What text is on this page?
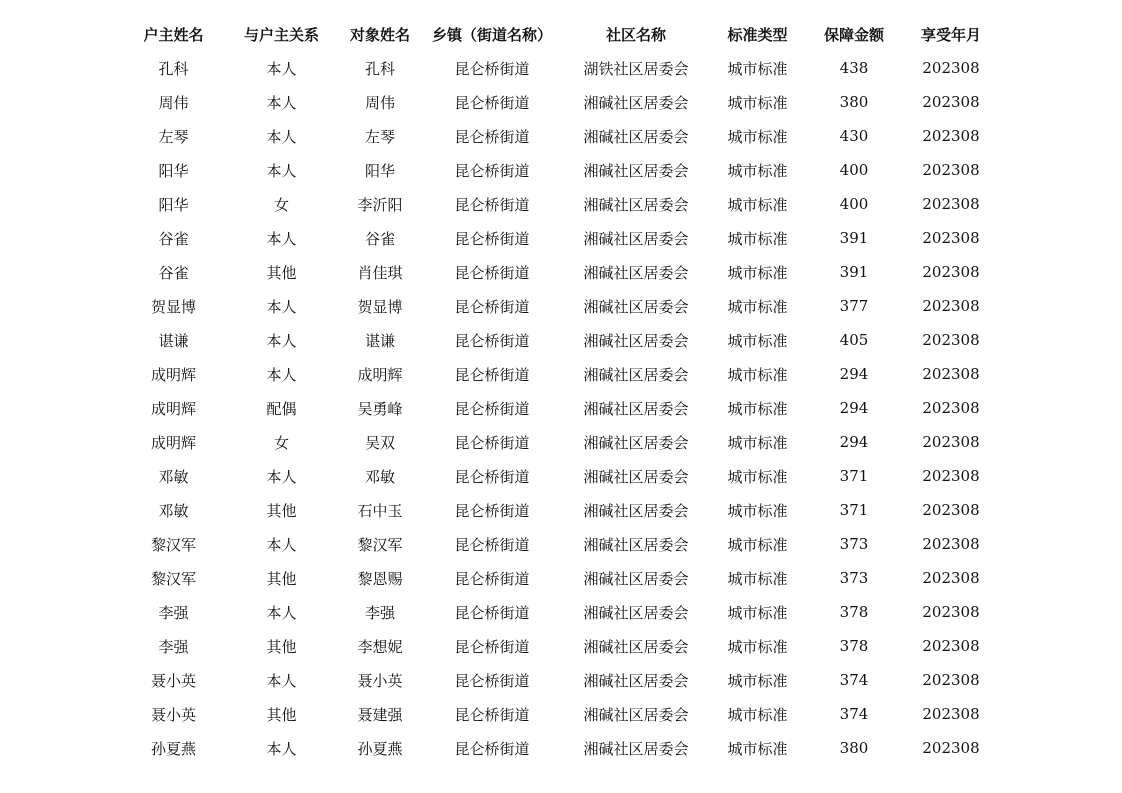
户主姓名	与户主关系	对象姓名	乡镇（街道名称）	社区名称	标准类型	保障金额	享受年月
孔科	本人	孔科	昆仑桥街道	湖铁社区居委会	城市标准	438	202308
周伟	本人	周伟	昆仑桥街道	湘碱社区居委会	城市标准	380	202308
左琴	本人	左琴	昆仑桥街道	湘碱社区居委会	城市标准	430	202308
阳华	本人	阳华	昆仑桥街道	湘碱社区居委会	城市标准	400	202308
阳华	女	李沂阳	昆仑桥街道	湘碱社区居委会	城市标准	400	202308
谷雀	本人	谷雀	昆仑桥街道	湘碱社区居委会	城市标准	391	202308
谷雀	其他	肖佳琪	昆仑桥街道	湘碱社区居委会	城市标准	391	202308
贺显博	本人	贺显博	昆仑桥街道	湘碱社区居委会	城市标准	377	202308
谌谦	本人	谌谦	昆仑桥街道	湘碱社区居委会	城市标准	405	202308
成明辉	本人	成明辉	昆仑桥街道	湘碱社区居委会	城市标准	294	202308
成明辉	配偶	吴勇峰	昆仑桥街道	湘碱社区居委会	城市标准	294	202308
成明辉	女	吴双	昆仑桥街道	湘碱社区居委会	城市标准	294	202308
邓敏	本人	邓敏	昆仑桥街道	湘碱社区居委会	城市标准	371	202308
邓敏	其他	石中玉	昆仑桥街道	湘碱社区居委会	城市标准	371	202308
黎汉军	本人	黎汉军	昆仑桥街道	湘碱社区居委会	城市标准	373	202308
黎汉军	其他	黎恩赐	昆仑桥街道	湘碱社区居委会	城市标准	373	202308
李强	本人	李强	昆仑桥街道	湘碱社区居委会	城市标准	378	202308
李强	其他	李想妮	昆仑桥街道	湘碱社区居委会	城市标准	378	202308
聂小英	本人	聂小英	昆仑桥街道	湘碱社区居委会	城市标准	374	202308
聂小英	其他	聂建强	昆仑桥街道	湘碱社区居委会	城市标准	374	202308
孙夏燕	本人	孙夏燕	昆仑桥街道	湘碱社区居委会	城市标准	380	202308
